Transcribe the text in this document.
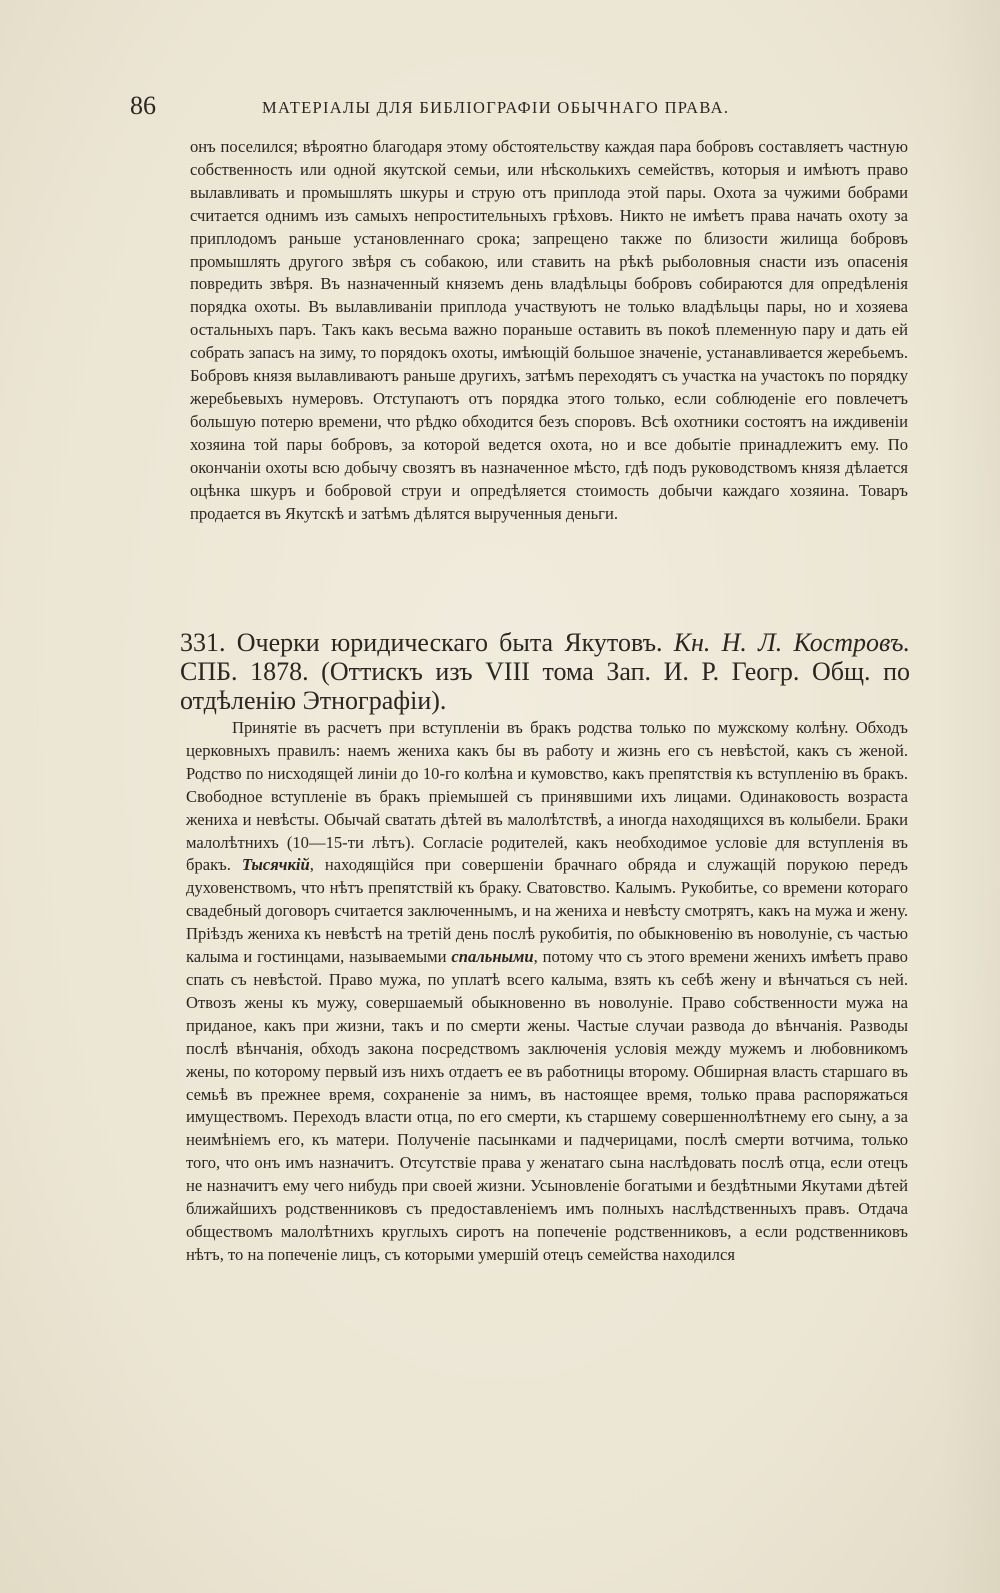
86	МАТЕРІАЛЫ ДЛЯ БИБЛІОГРАФІИ ОБЫЧНАГО ПРАВА.

онъ поселился; вѣроятно благодаря этому обстоятельству каждая пара бобровъ составляетъ частную собственность или одной якутской семьи, или нѣсколькихъ семействъ, которыя и имѣютъ право вылавливать и промышлять шкуры и струю отъ приплода этой пары. Охота за чужими бобрами считается однимъ изъ самыхъ непростительныхъ грѣховъ. Никто не имѣетъ права начать охоту за приплодомъ раньше установленнаго срока; запрещено также по близости жилища бобровъ промышлять другого звѣря съ собакою, или ставить на рѣкѣ рыболовныя снасти изъ опасенія повредить звѣря. Въ назначенный княземъ день владѣльцы бобровъ собираются для опредѣленія порядка охоты. Въ вылавливаніи приплода участвуютъ не только владѣльцы пары, но и хозяева остальныхъ паръ. Такъ какъ весьма важно пораньше оставить въ покоѣ племенную пару и дать ей собрать запасъ на зиму, то порядокъ охоты, имѣющій большое значеніе, устанавливается жеребьемъ. Бобровъ князя вылавливаютъ раньше другихъ, затѣмъ переходятъ съ участка на участокъ по порядку жеребьевыхъ нумеровъ. Отступаютъ отъ порядка этого только, если соблюденіе его повлечетъ большую потерю времени, что рѣдко обходится безъ споровъ. Всѣ охотники состоятъ на иждивеніи хозяина той пары бобровъ, за которой ведется охота, но и все добытіе принадлежитъ ему. По окончаніи охоты всю добычу свозятъ въ назначенное мѣсто, гдѣ подъ руководствомъ князя дѣлается оцѣнка шкуръ и бобровой струи и опредѣляется стоимость добычи каждаго хозяина. Товаръ продается въ Якутскѣ и затѣмъ дѣлятся вырученныя деньги.

331. Очерки юридическаго быта Якутовъ. Кн. Н. Л. Костровъ. СПБ. 1878. (Оттискъ изъ VIII тома Зап. И. Р. Геогр. Общ. по отдѣленію Этнографіи).

Принятіе въ расчетъ при вступленіи въ бракъ родства только по мужскому колѣну. Обходъ церковныхъ правилъ: наемъ жениха какъ бы въ работу и жизнь его съ невѣстой, какъ съ женой. Родство по нисходящей линіи до 10-го колѣна и кумовство, какъ препятствія къ вступленію въ бракъ. Свободное вступленіе въ бракъ пріемышей съ принявшими ихъ лицами. Одинаковость возраста жениха и невѣсты. Обычай сватать дѣтей въ малолѣтствѣ, а иногда находящихся въ колыбели. Браки малолѣтнихъ (10—15-ти лѣтъ). Согласіе родителей, какъ необходимое условіе для вступленія въ бракъ. Тысячкій, находящійся при совершеніи брачнаго обряда и служащій порукою передъ духовенствомъ, что нѣтъ препятствій къ браку. Сватовство. Калымъ. Рукобитье, со времени котораго свадебный договоръ считается заключеннымъ, и на жениха и невѣсту смотрятъ, какъ на мужа и жену. Пріѣздъ жениха къ невѣстѣ на третій день послѣ рукобитія, по обыкновенію въ новолуніе, съ частью калыма и гостинцами, называемыми спальными, потому что съ этого времени женихъ имѣетъ право спать съ невѣстой. Право мужа, по уплатѣ всего калыма, взять къ себѣ жену и вѣнчаться съ ней. Отвозъ жены къ мужу, совершаемый обыкновенно въ новолуніе. Право собственности мужа на приданое, какъ при жизни, такъ и по смерти жены. Частые случаи развода до вѣнчанія. Разводы послѣ вѣнчанія, обходъ закона посредствомъ заключенія условія между мужемъ и любовникомъ жены, по которому первый изъ нихъ отдаетъ ее въ работницы второму. Обширная власть старшаго въ семьѣ въ прежнее время, сохраненіе за нимъ, въ настоящее время, только права распоряжаться имуществомъ. Переходъ власти отца, по его смерти, къ старшему совершеннолѣтнему его сыну, а за неимѣніемъ его, къ матери. Полученіе пасынками и падчерицами, послѣ смерти вотчима, только того, что онъ имъ назначитъ. Отсутствіе права у женатаго сына наслѣдовать послѣ отца, если отецъ не назначитъ ему чего нибудь при своей жизни. Усыновленіе богатыми и бездѣтными Якутами дѣтей ближайшихъ родственниковъ съ предоставленіемъ имъ полныхъ наслѣдственныхъ правъ. Отдача обществомъ малолѣтнихъ круглыхъ сиротъ на попеченіе родственниковъ, а если родственниковъ нѣтъ, то на попеченіе лицъ, съ которыми умершій отецъ семейства находился
